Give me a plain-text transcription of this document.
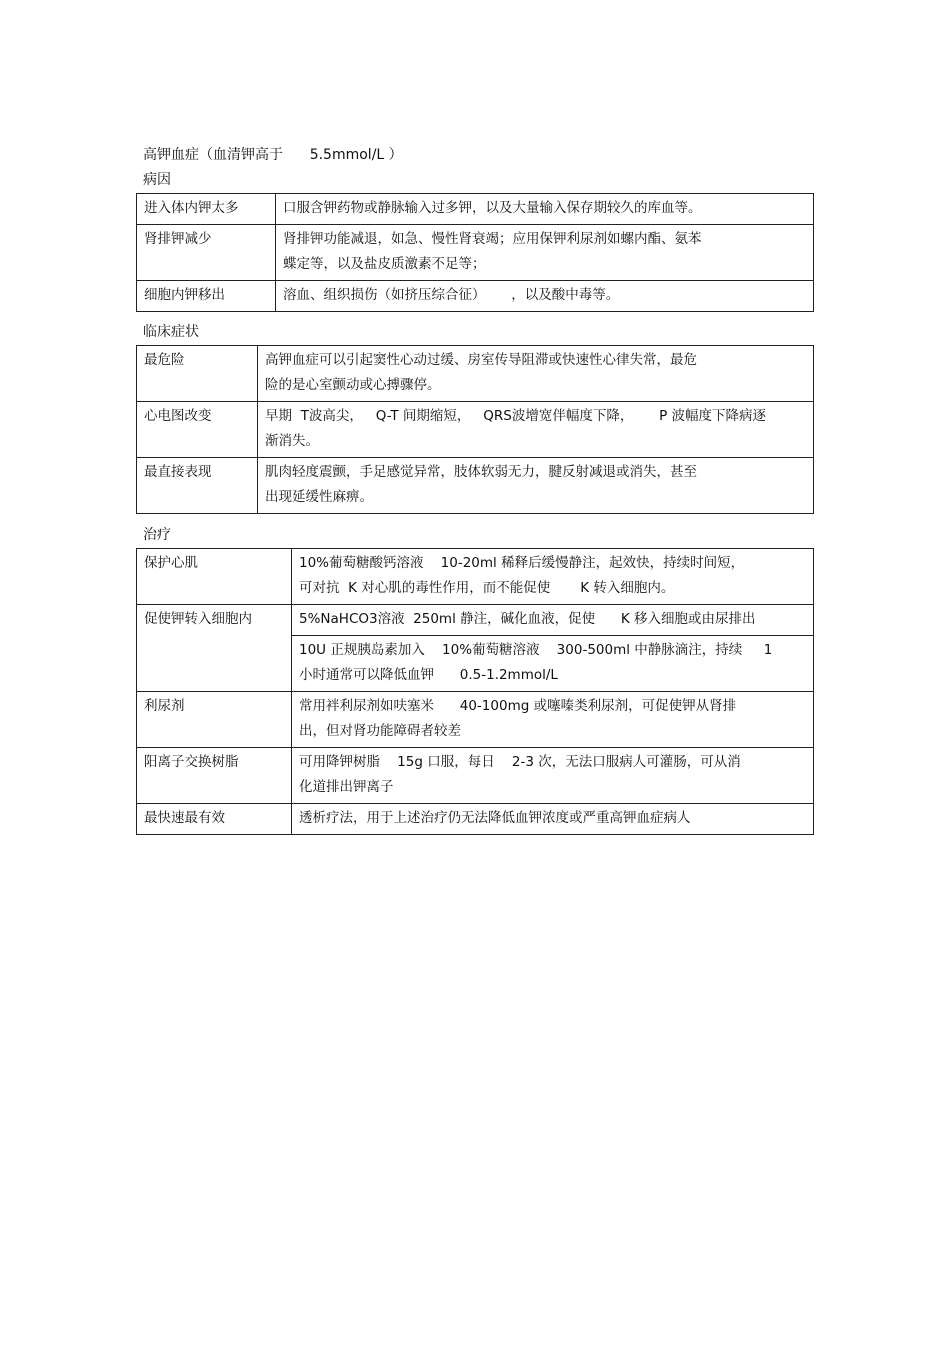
高钾血症（血清钾高于      5.5mmol/L ）
病因
进入体内钾太多	口服含钾药物或静脉输入过多钾，以及大量输入保存期较久的库血等。
肾排钾减少	肾排钾功能减退，如急、慢性肾衰竭；应用保钾利尿剂如螺内酯、氨苯
蝶定等，以及盐皮质激素不足等；
细胞内钾移出	溶血、组织损伤（如挤压综合征）      ，以及酸中毒等。
临床症状
最危险	高钾血症可以引起窦性心动过缓、房室传导阻滞或快速性心律失常，最危
险的是心室颤动或心搏骤停。
心电图改变	早期  T波高尖，   Q-T 间期缩短，   QRS波增宽伴幅度下降，      P 波幅度下降病逐
渐消失。
最直接表现	肌肉轻度震颤，手足感觉异常，肢体软弱无力，腱反射减退或消失，甚至
出现延缓性麻痹。
治疗
保护心肌	10%葡萄糖酸钙溶液    10-20ml 稀释后缓慢静注，起效快，持续时间短，
可对抗  K 对心肌的毒性作用，而不能促使       K 转入细胞内。
促使钾转入细胞内	5%NaHCO3溶液  250ml 静注，碱化血液，促使      K 移入细胞或由尿排出
	10U 正规胰岛素加入    10%葡萄糖溶液    300-500ml 中静脉滴注，持续     1
小时通常可以降低血钾      0.5-1.2mmol/L
利尿剂	常用袢利尿剂如呋塞米      40-100mg 或噻嗪类利尿剂，可促使钾从肾排
出，但对肾功能障碍者较差
阳离子交换树脂	可用降钾树脂    15g 口服，每日    2-3 次，无法口服病人可灌肠，可从消
化道排出钾离子
最快速最有效	透析疗法，用于上述治疗仍无法降低血钾浓度或严重高钾血症病人
